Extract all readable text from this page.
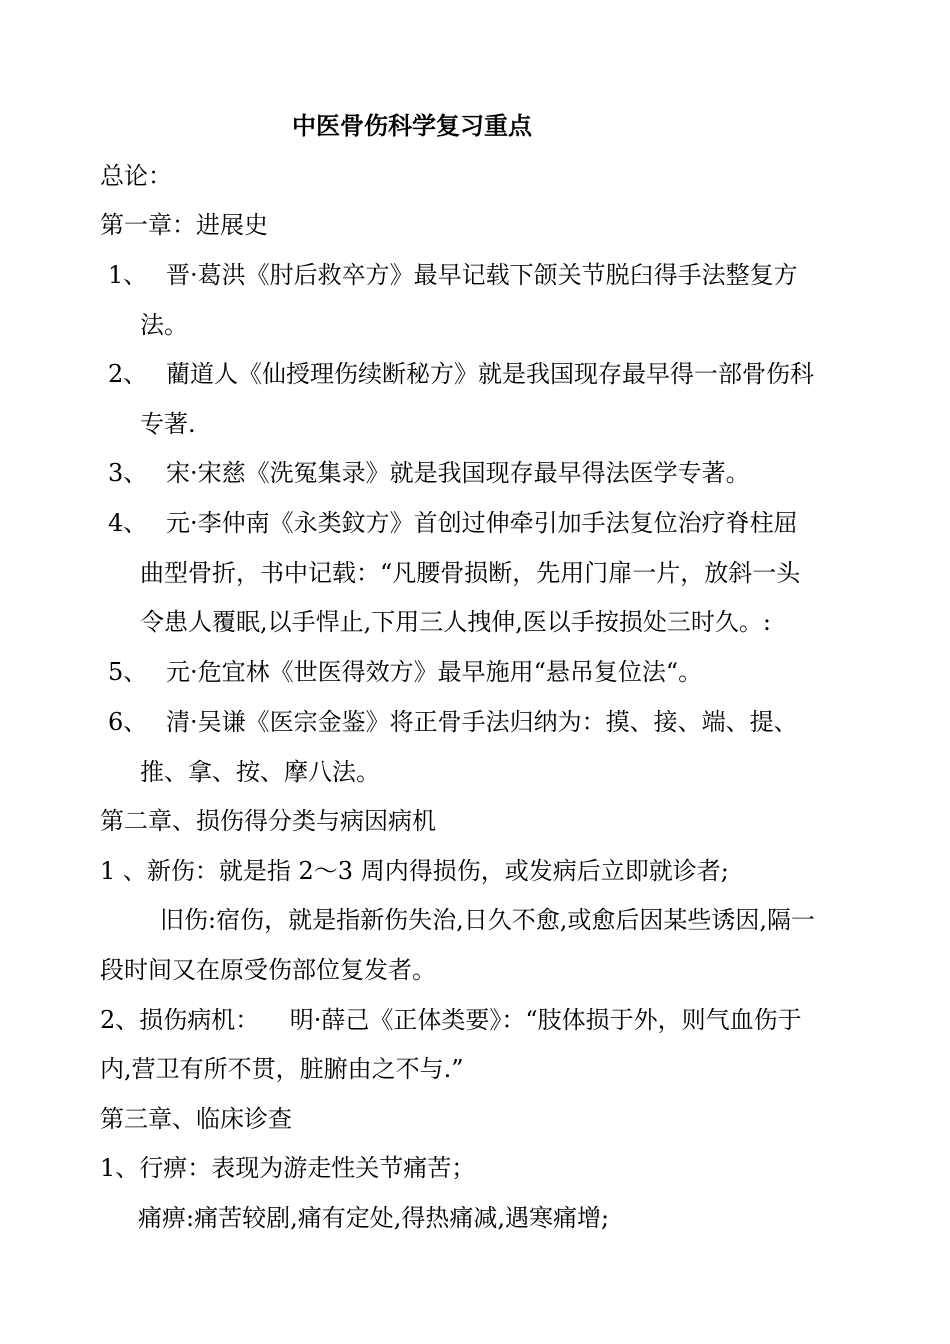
中医骨伤科学复习重点
总论：
第一章：进展史
1、 晋·葛洪《肘后救卒方》最早记载下颌关节脱臼得手法整复方
法。
2、 藺道人《仙授理伤续断秘方》就是我国现存最早得一部骨伤科
专著.
3、 宋·宋慈《洗冤集录》就是我国现存最早得法医学专著。
4、 元·李仲南《永类鈫方》首创过伸牵引加手法复位治疗脊柱屈
曲型骨折，书中记载：“凡腰骨损断，先用门扉一片，放斜一头
令患人覆眠,以手悍止,下用三人拽伸,医以手按损处三时久。:
5、 元·危宜林《世医得效方》最早施用“悬吊复位法“。
6、 清·吴谦《医宗金鉴》将正骨手法归纳为：摸、接、端、提、
推、拿、按、摩八法。
第二章、损伤得分类与病因病机
1 、新伤：就是指 2～3 周内得损伤，或发病后立即就诊者;
旧伤:宿伤，就是指新伤失治,日久不愈,或愈后因某些诱因,隔一
段时间又在原受伤部位复发者。
2、损伤病机：    明·薛己《正体类要》：“肢体损于外，则气血伤于
内,营卫有所不贯，脏腑由之不与.”
第三章、临床诊查
1、行痹：表现为游走性关节痛苦；
痛痹:痛苦较剧,痛有定处,得热痛减,遇寒痛增;
